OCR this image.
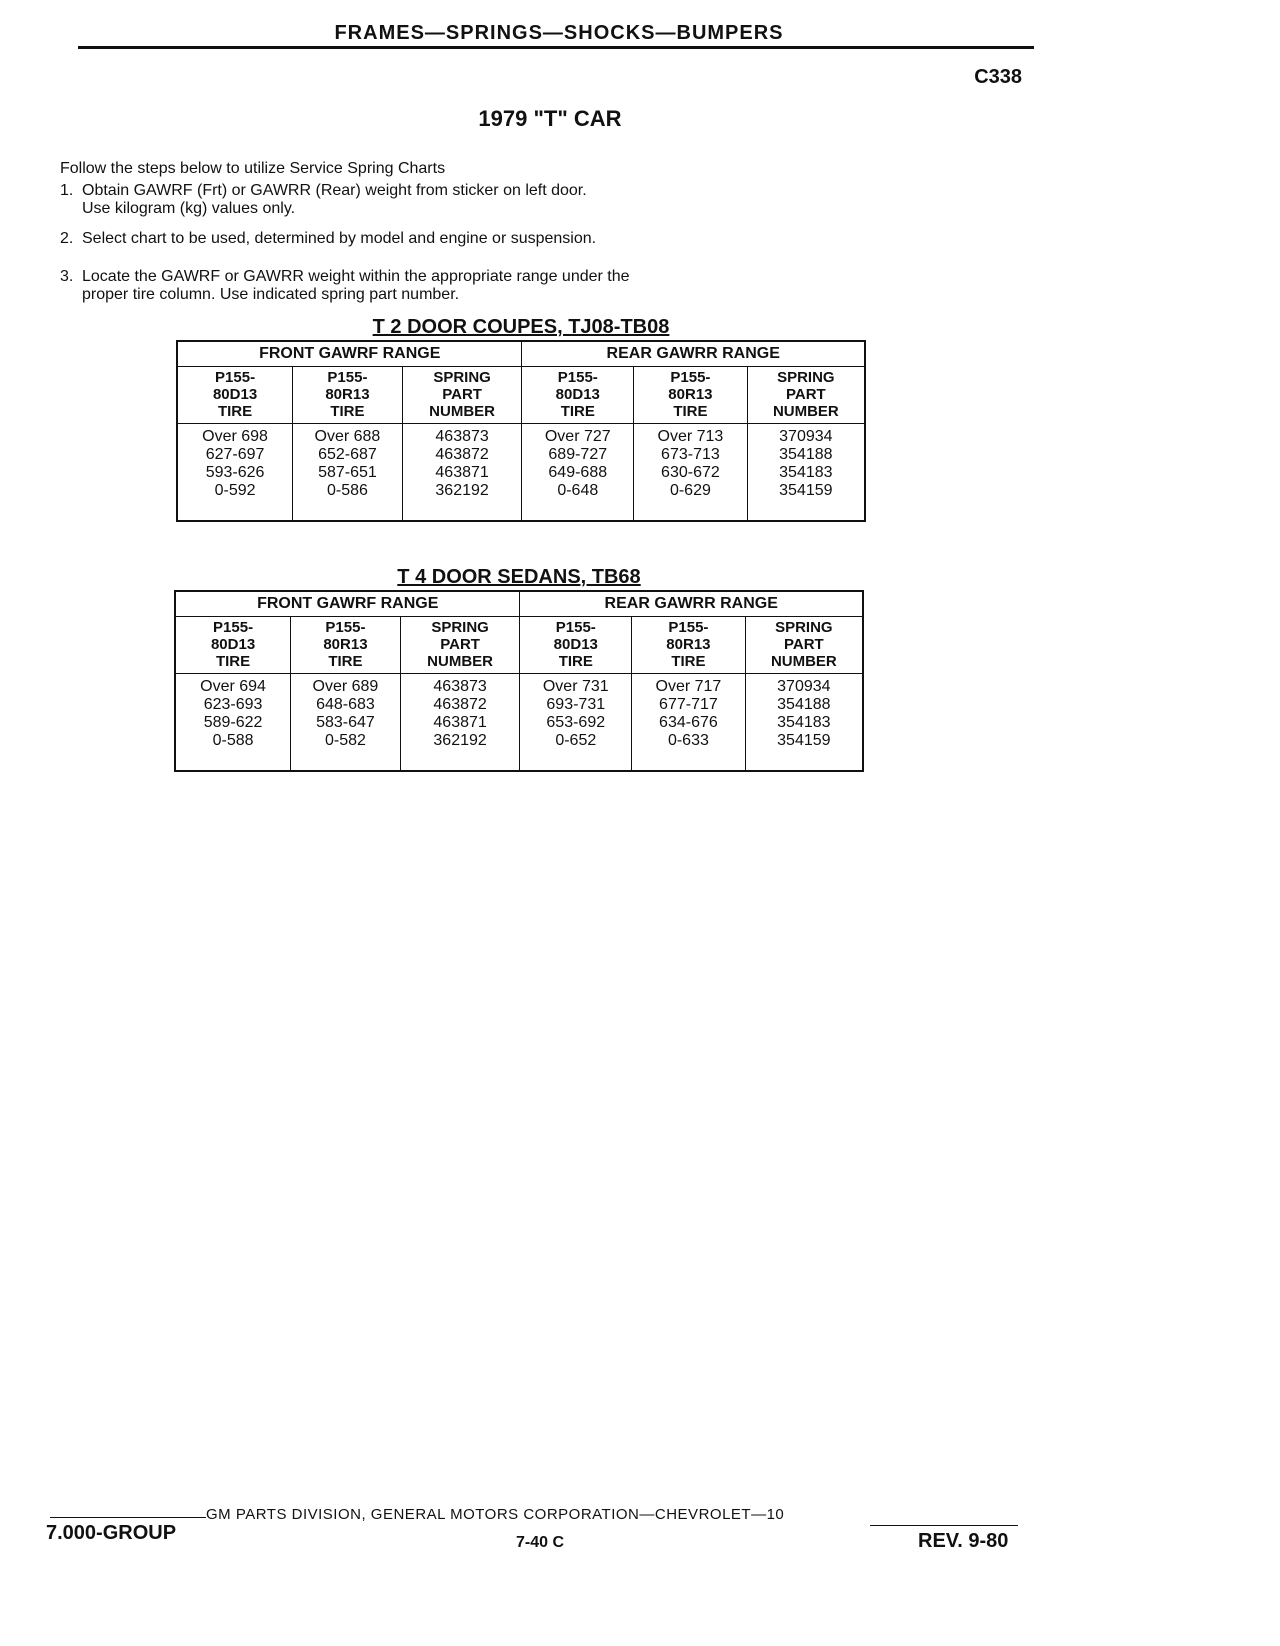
FRAMES—SPRINGS—SHOCKS—BUMPERS
C338
1979 "T" CAR
Follow the steps below to utilize Service Spring Charts
1. Obtain GAWRF (Frt) or GAWRR (Rear) weight from sticker on left door.
Use kilogram (kg) values only.
2. Select chart to be used, determined by model and engine or suspension.
3. Locate the GAWRF or GAWRR weight within the appropriate range under the
proper tire column. Use indicated spring part number.
T 2 DOOR COUPES, TJ08-TB08
FRONT GAWRF RANGE			REAR GAWRR RANGE		

P155-
80D13
TIRE	P155-
80R13
TIRE	SPRING
PART
NUMBER	P155-
80D13
TIRE	P155-
80R13
TIRE	SPRING
PART
NUMBER

Over 698
627-697
593-626
0-592	Over 688
652-687
587-651
0-586	463873
463872
463871
362192	Over 727
689-727
649-688
0-648	Over 713
673-713
630-672
0-629	370934
354188
354183
354159
T 4 DOOR SEDANS, TB68
FRONT GAWRF RANGE			REAR GAWRR RANGE		

P155-
80D13
TIRE	P155-
80R13
TIRE	SPRING
PART
NUMBER	P155-
80D13
TIRE	P155-
80R13
TIRE	SPRING
PART
NUMBER

Over 694
623-693
589-622
0-588	Over 689
648-683
583-647
0-582	463873
463872
463871
362192	Over 731
693-731
653-692
0-652	Over 717
677-717
634-676
0-633	370934
354188
354183
354159
GM PARTS DIVISION, GENERAL MOTORS CORPORATION—CHEVROLET—10
7.000-GROUP	7-40 C	REV. 9-80
